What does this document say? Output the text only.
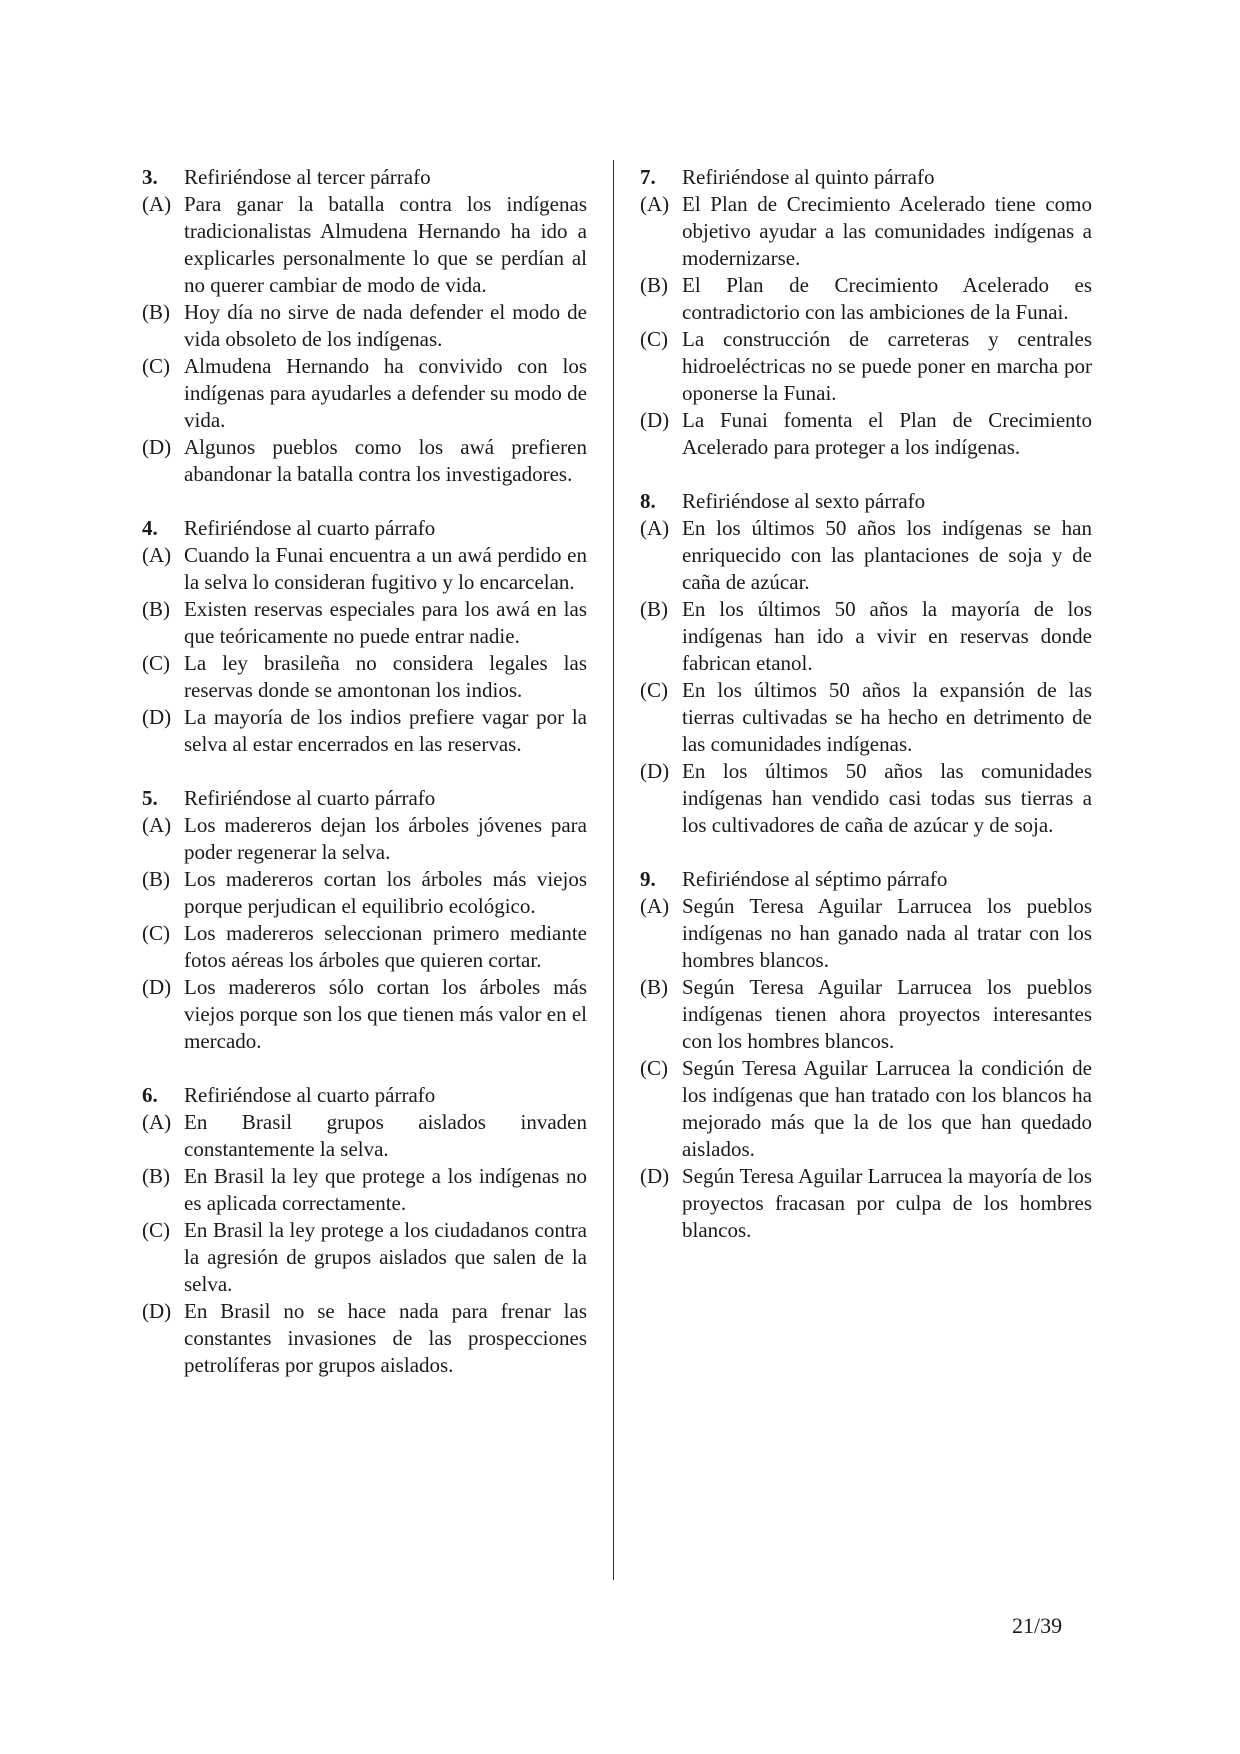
3.	Refiriéndose al tercer párrafo
(A) Para ganar la batalla contra los indígenas tradicionalistas Almudena Hernando ha ido a explicarles personalmente lo que se perdían al no querer cambiar de modo de vida.
(B) Hoy día no sirve de nada defender el modo de vida obsoleto de los indígenas.
(C) Almudena Hernando ha convivido con los indígenas para ayudarles a defender su modo de vida.
(D) Algunos pueblos como los awá prefieren abandonar la batalla contra los investigadores.
4.	Refiriéndose al cuarto párrafo
(A) Cuando la Funai encuentra a un awá perdido en la selva lo consideran fugitivo y lo encarcelan.
(B) Existen reservas especiales para los awá en las que teóricamente no puede entrar nadie.
(C) La ley brasileña no considera legales las reservas donde se amontonan los indios.
(D) La mayoría de los indios prefiere vagar por la selva al estar encerrados en las reservas.
5.	Refiriéndose al cuarto párrafo
(A) Los madereros dejan los árboles jóvenes para poder regenerar la selva.
(B) Los madereros cortan los árboles más viejos porque perjudican el equilibrio ecológico.
(C) Los madereros seleccionan primero mediante fotos aéreas los árboles que quieren cortar.
(D) Los madereros sólo cortan los árboles más viejos porque son los que tienen más valor en el mercado.
6.	Refiriéndose al cuarto párrafo
(A) En Brasil grupos aislados invaden constantemente la selva.
(B) En Brasil la ley que protege a los indígenas no es aplicada correctamente.
(C) En Brasil la ley protege a los ciudadanos contra la agresión de grupos aislados que salen de la selva.
(D) En Brasil no se hace nada para frenar las constantes invasiones de las prospecciones petrolíferas por grupos aislados.
7.	Refiriéndose al quinto párrafo
(A) El Plan de Crecimiento Acelerado tiene como objetivo ayudar a las comunidades indígenas a modernizarse.
(B) El Plan de Crecimiento Acelerado es contradictorio con las ambiciones de la Funai.
(C) La construcción de carreteras y centrales hidroeléctricas no se puede poner en marcha por oponerse la Funai.
(D) La Funai fomenta el Plan de Crecimiento Acelerado para proteger a los indígenas.
8.	Refiriéndose al sexto párrafo
(A) En los últimos 50 años los indígenas se han enriquecido con las plantaciones de soja y de caña de azúcar.
(B) En los últimos 50 años la mayoría de los indígenas han ido a vivir en reservas donde fabrican etanol.
(C) En los últimos 50 años la expansión de las tierras cultivadas se ha hecho en detrimento de las comunidades indígenas.
(D) En los últimos 50 años las comunidades indígenas han vendido casi todas sus tierras a los cultivadores de caña de azúcar y de soja.
9.	Refiriéndose al séptimo párrafo
(A) Según Teresa Aguilar Larrucea los pueblos indígenas no han ganado nada al tratar con los hombres blancos.
(B) Según Teresa Aguilar Larrucea los pueblos indígenas tienen ahora proyectos interesantes con los hombres blancos.
(C) Según Teresa Aguilar Larrucea la condición de los indígenas que han tratado con los blancos ha mejorado más que la de los que han quedado aislados.
(D) Según Teresa Aguilar Larrucea la mayoría de los proyectos fracasan por culpa de los hombres blancos.
21/39
